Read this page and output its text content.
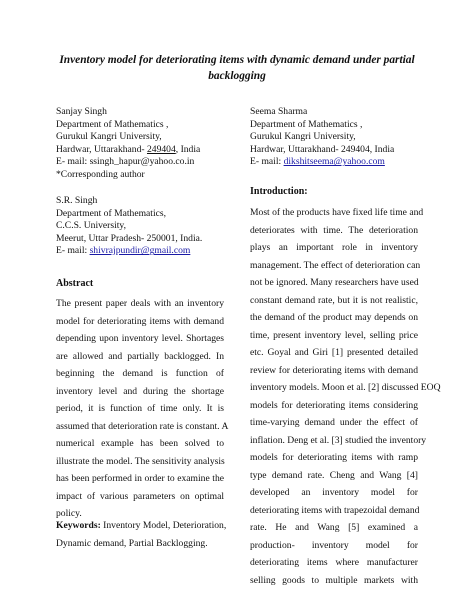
Inventory model for deteriorating items with dynamic demand under partial
backlogging
Sanjay Singh
Department of Mathematics ,
Gurukul Kangri University,
Hardwar, Uttarakhand- 249404, India
E- mail: ssingh_hapur@yahoo.co.in
*Corresponding author
S.R. Singh
Department of Mathematics,
C.C.S. University,
Meerut, Uttar Pradesh- 250001, India.
E- mail: shivrajpundir@gmail.com
Seema Sharma
Department of Mathematics ,
Gurukul Kangri University,
Hardwar, Uttarakhand- 249404, India
E- mail: dikshitseema@yahoo.com
Abstract
The present paper deals with an inventory
model for deteriorating items with demand
depending upon inventory level. Shortages
are allowed and partially backlogged. In
beginning the demand is function of
inventory level and during the shortage
period, it is function of time only. It is
assumed that deterioration rate is constant. A
numerical example has been solved to
illustrate the model. The sensitivity analysis
has been performed in order to examine the
impact of various parameters on optimal
policy.
Keywords: Inventory Model, Deterioration,
Dynamic demand, Partial Backlogging.
Introduction:
Most of the products have fixed life time and
deteriorates with time. The deterioration
plays an important role in inventory
management. The effect of deterioration can
not be ignored. Many researchers have used
constant demand rate, but it is not realistic,
the demand of the product may depends on
time, present inventory level, selling price
etc. Goyal and Giri [1] presented detailed
review for deteriorating items with demand
inventory models. Moon et al. [2] discussed EOQ
models for deteriorating items considering
time-varying demand under the effect of
inflation. Deng et al. [3] studied the inventory
models for deteriorating items with ramp
type demand rate. Cheng and Wang [4]
developed an inventory model for
deteriorating items with trapezoidal demand
rate. He and Wang [5] examined a
production- inventory model for
deteriorating items where manufacturer
selling goods to multiple markets with
